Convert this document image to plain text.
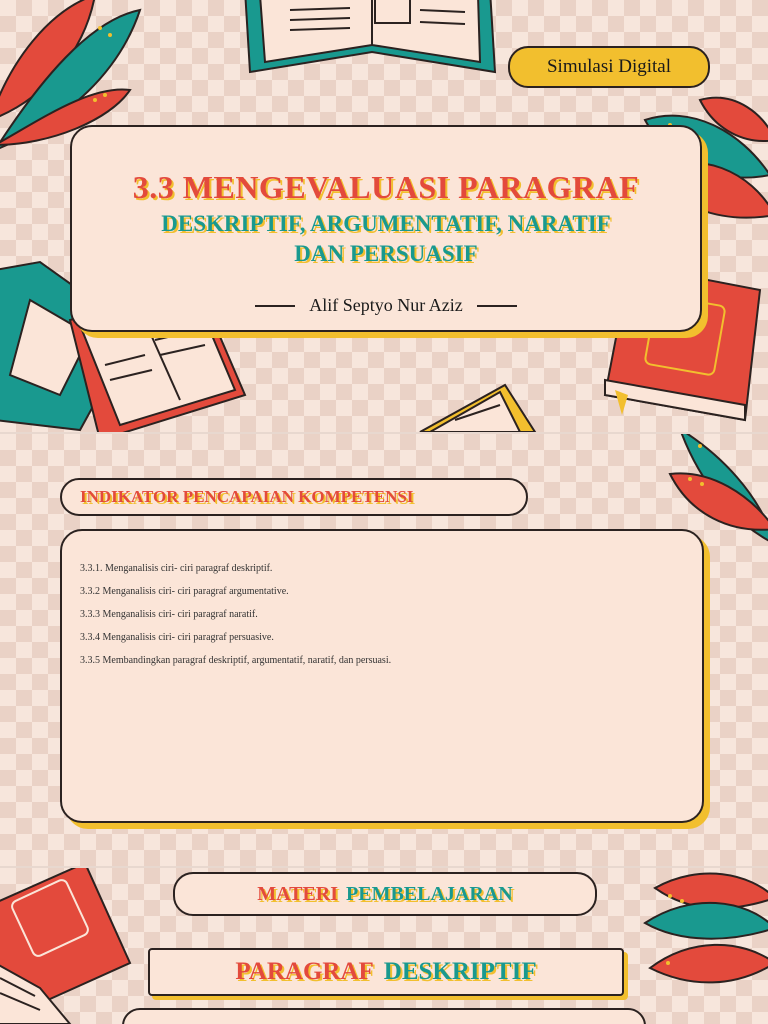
Simulasi Digital
3.3 MENGEVALUASI PARAGRAF
DESKRIPTIF, ARGUMENTATIF, NARATIF
DAN PERSUASIF
Alif Septyo Nur Aziz
INDIKATOR PENCAPAIAN KOMPETENSI
3.3.1. Menganalisis ciri- ciri paragraf deskriptif.
3.3.2 Menganalisis ciri- ciri paragraf argumentative.
3.3.3 Menganalisis ciri- ciri paragraf naratif.
3.3.4 Menganalisis ciri- ciri paragraf persuasive.
3.3.5 Membandingkan paragraf deskriptif, argumentatif, naratif, dan persuasi.
MATERI PEMBELAJARAN
PARAGRAF DESKRIPTIF
